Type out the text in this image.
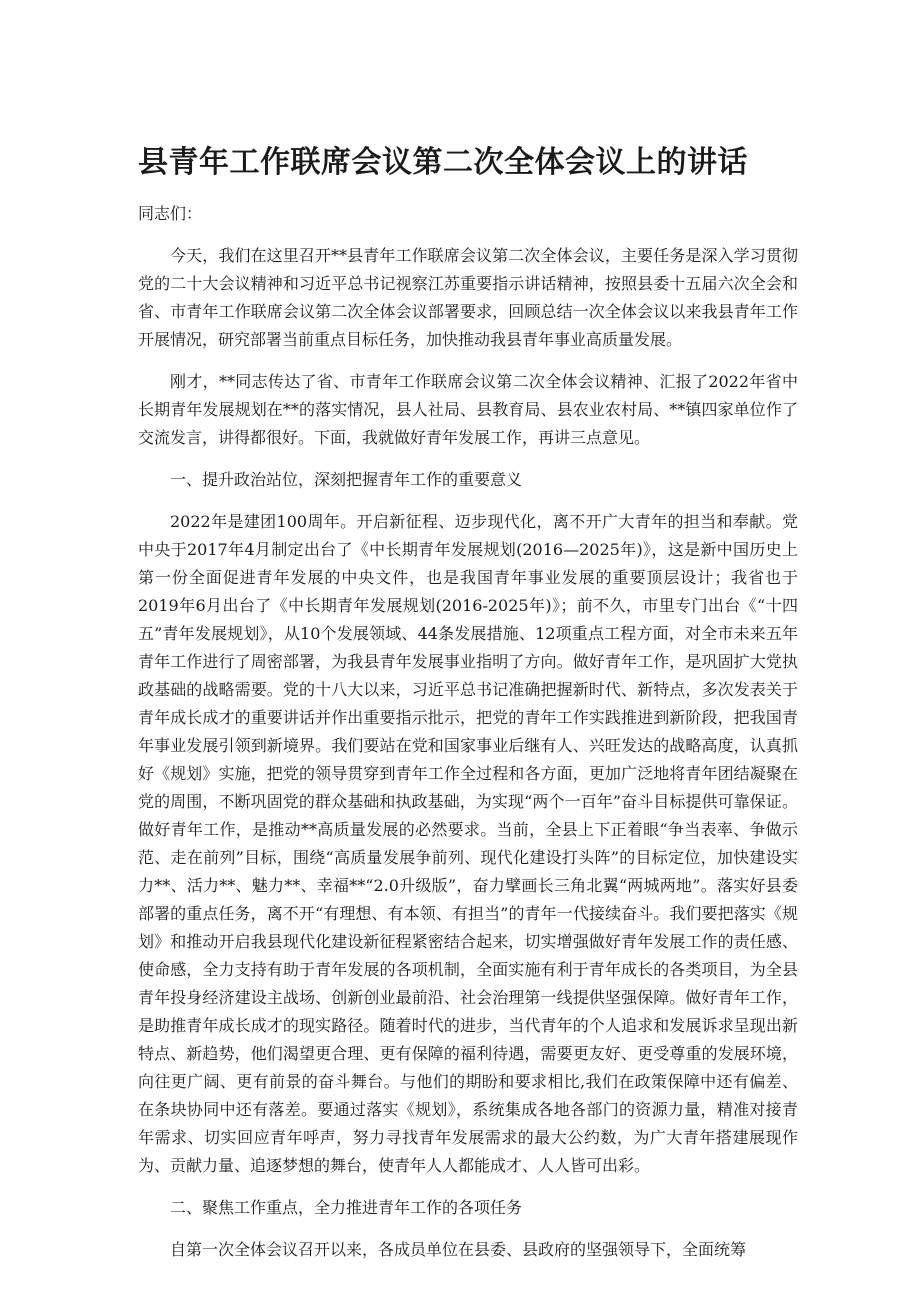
县青年工作联席会议第二次全体会议上的讲话

同志们：

今天，我们在这里召开**县青年工作联席会议第二次全体会议，主要任务是深入学习贯彻党的二十大会议精神和习近平总书记视察江苏重要指示讲话精神，按照县委十五届六次全会和省、市青年工作联席会议第二次全体会议部署要求，回顾总结一次全体会议以来我县青年工作开展情况，研究部署当前重点目标任务，加快推动我县青年事业高质量发展。

刚才，**同志传达了省、市青年工作联席会议第二次全体会议精神、汇报了2022年省中长期青年发展规划在**的落实情况，县人社局、县教育局、县农业农村局、**镇四家单位作了交流发言，讲得都很好。下面，我就做好青年发展工作，再讲三点意见。

一、提升政治站位，深刻把握青年工作的重要意义

2022年是建团100周年。开启新征程、迈步现代化，离不开广大青年的担当和奉献。党中央于2017年4月制定出台了《中长期青年发展规划(2016—2025年)》，这是新中国历史上第一份全面促进青年发展的中央文件，也是我国青年事业发展的重要顶层设计；我省也于2019年6月出台了《中长期青年发展规划(2016-2025年)》；前不久，市里专门出台《“十四五”青年发展规划》，从10个发展领域、44条发展措施、12项重点工程方面，对全市未来五年青年工作进行了周密部署，为我县青年发展事业指明了方向。做好青年工作，是巩固扩大党执政基础的战略需要。党的十八大以来，习近平总书记准确把握新时代、新特点，多次发表关于青年成长成才的重要讲话并作出重要指示批示，把党的青年工作实践推进到新阶段，把我国青年事业发展引领到新境界。我们要站在党和国家事业后继有人、兴旺发达的战略高度，认真抓好《规划》实施，把党的领导贯穿到青年工作全过程和各方面，更加广泛地将青年团结凝聚在党的周围，不断巩固党的群众基础和执政基础，为实现“两个一百年”奋斗目标提供可靠保证。做好青年工作，是推动**高质量发展的必然要求。当前，全县上下正着眼“争当表率、争做示范、走在前列”目标，围绕“高质量发展争前列、现代化建设打头阵”的目标定位，加快建设实力**、活力**、魅力**、幸福**“2.0升级版”，奋力擘画长三角北翼“两城两地”。落实好县委部署的重点任务，离不开“有理想、有本领、有担当”的青年一代接续奋斗。我们要把落实《规划》和推动开启我县现代化建设新征程紧密结合起来，切实增强做好青年发展工作的责任感、使命感，全力支持有助于青年发展的各项机制，全面实施有利于青年成长的各类项目，为全县青年投身经济建设主战场、创新创业最前沿、社会治理第一线提供坚强保障。做好青年工作，是助推青年成长成才的现实路径。随着时代的进步，当代青年的个人追求和发展诉求呈现出新特点、新趋势，他们渴望更合理、更有保障的福利待遇，需要更友好、更受尊重的发展环境，向往更广阔、更有前景的奋斗舞台。与他们的期盼和要求相比,我们在政策保障中还有偏差、在条块协同中还有落差。要通过落实《规划》，系统集成各地各部门的资源力量，精准对接青年需求、切实回应青年呼声，努力寻找青年发展需求的最大公约数，为广大青年搭建展现作为、贡献力量、追逐梦想的舞台，使青年人人都能成才、人人皆可出彩。

二、聚焦工作重点，全力推进青年工作的各项任务

自第一次全体会议召开以来，各成员单位在县委、县政府的坚强领导下，全面统筹
